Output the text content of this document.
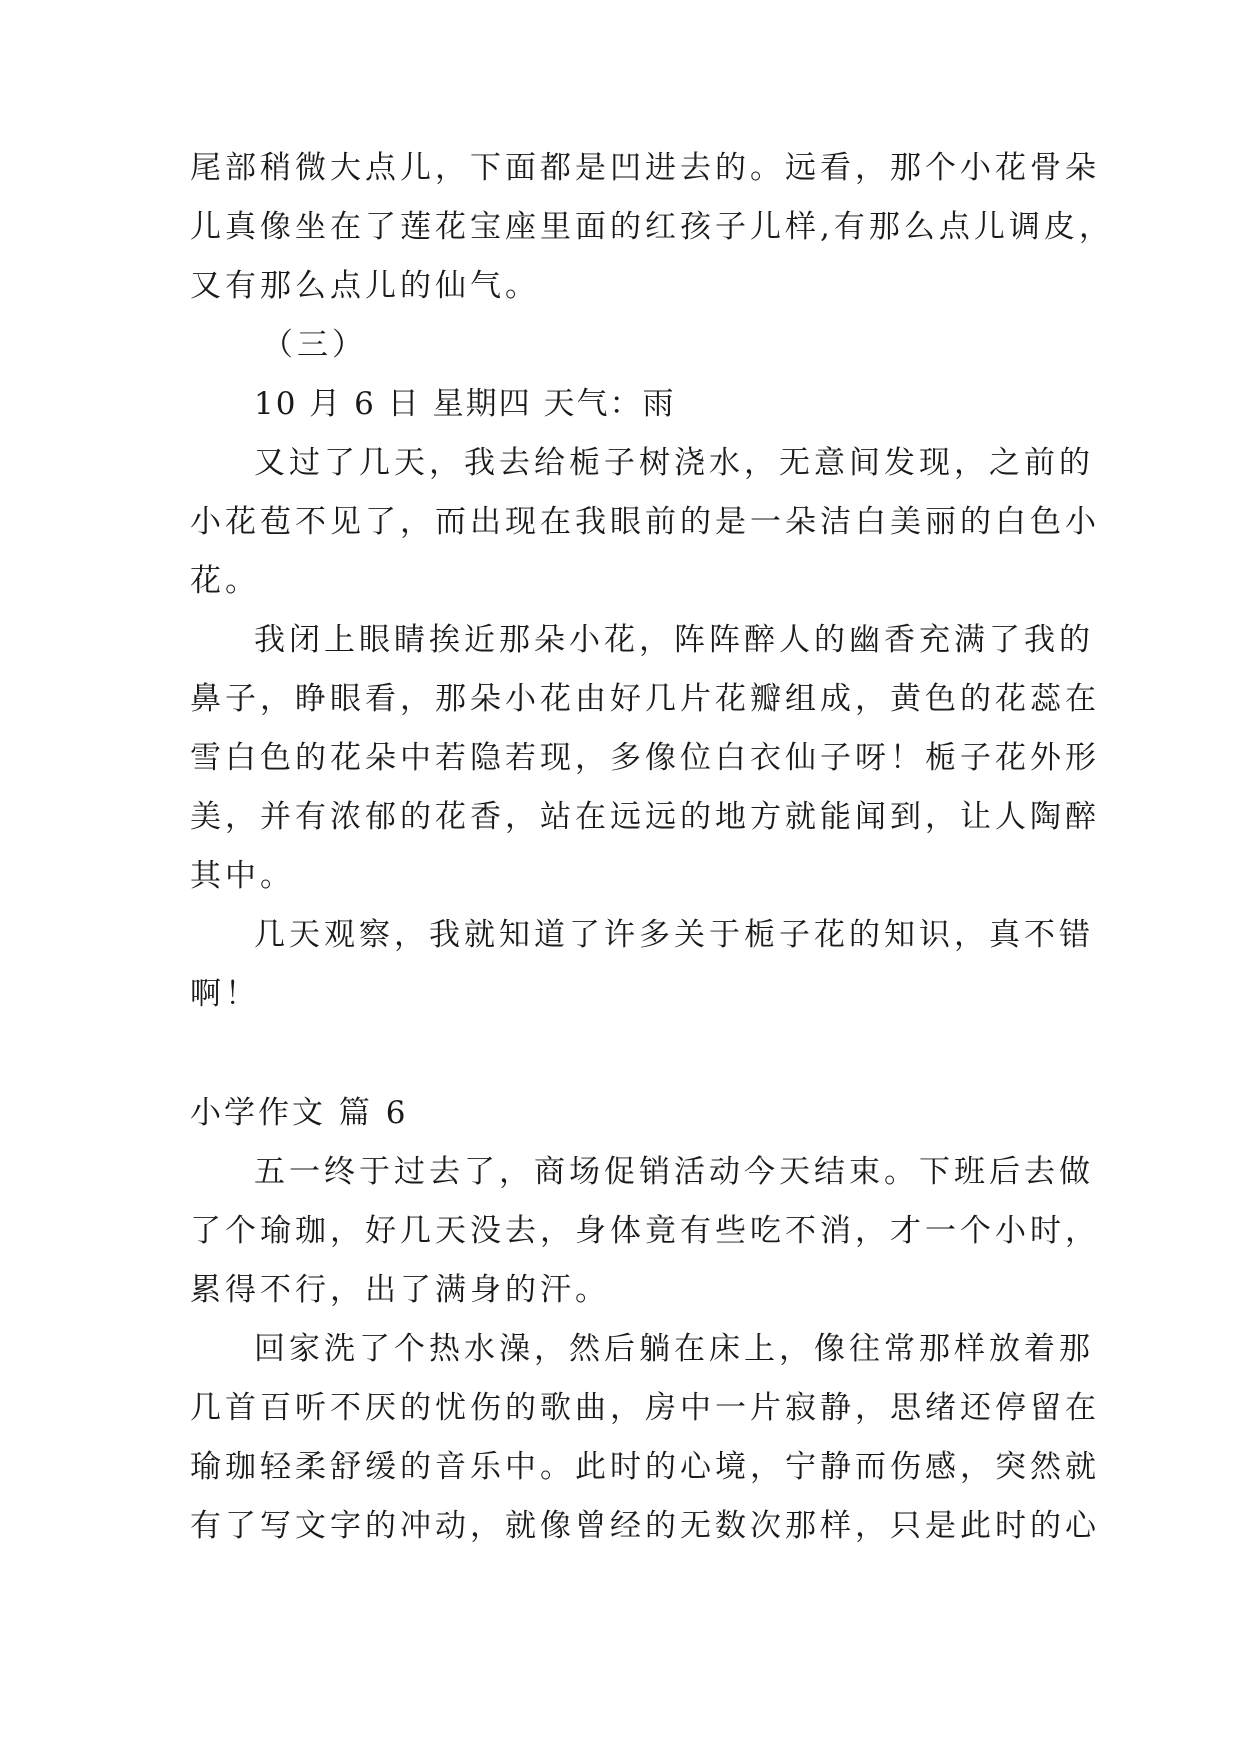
尾部稍微大点儿，下面都是凹进去的。远看，那个小花骨朵
儿真像坐在了莲花宝座里面的红孩子儿样,有那么点儿调皮，
又有那么点儿的仙气。
（三）
10 月 6 日 星期四 天气：雨
又过了几天，我去给栀子树浇水，无意间发现，之前的
小花苞不见了，而出现在我眼前的是一朵洁白美丽的白色小
花。
我闭上眼睛挨近那朵小花，阵阵醉人的幽香充满了我的
鼻子，睁眼看，那朵小花由好几片花瓣组成，黄色的花蕊在
雪白色的花朵中若隐若现，多像位白衣仙子呀！栀子花外形
美，并有浓郁的花香，站在远远的地方就能闻到，让人陶醉
其中。
几天观察，我就知道了许多关于栀子花的知识，真不错
啊！
小学作文 篇 6
五一终于过去了，商场促销活动今天结束。下班后去做
了个瑜珈，好几天没去，身体竟有些吃不消，才一个小时，
累得不行，出了满身的汗。
回家洗了个热水澡，然后躺在床上，像往常那样放着那
几首百听不厌的忧伤的歌曲，房中一片寂静，思绪还停留在
瑜珈轻柔舒缓的音乐中。此时的心境，宁静而伤感，突然就
有了写文字的冲动，就像曾经的无数次那样，只是此时的心
